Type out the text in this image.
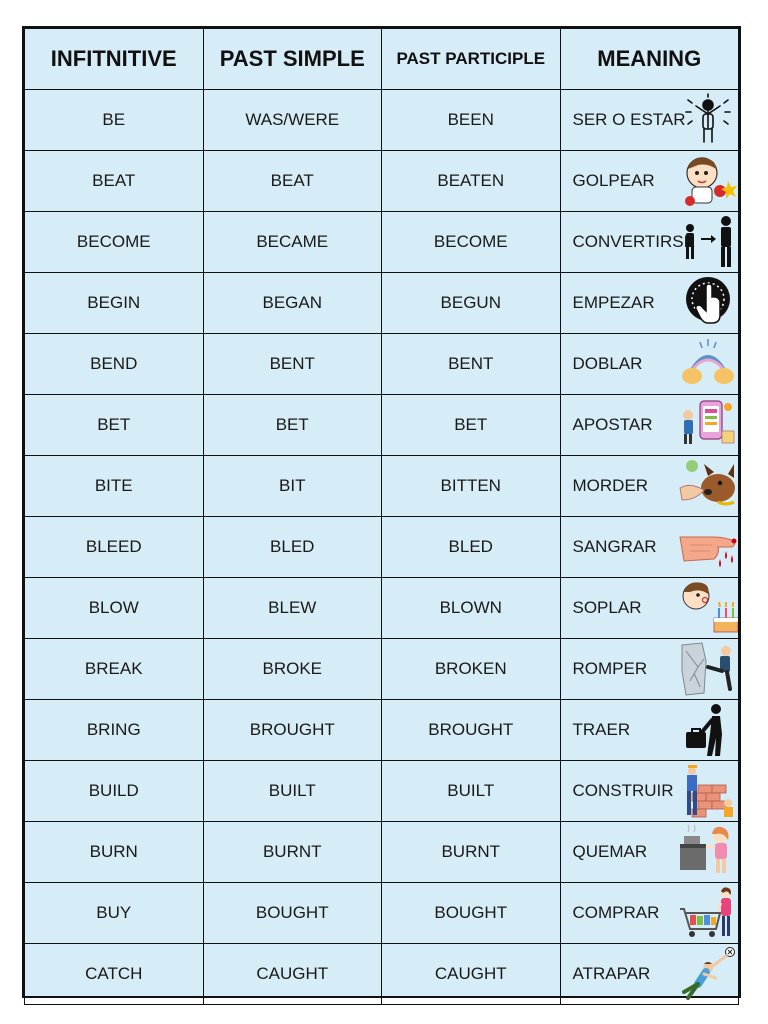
INFITNITIVE	PAST SIMPLE	PAST PARTICIPLE	MEANING
BE	WAS/WERE	BEEN	SER O ESTAR

BEAT	BEAT	BEATEN	GOLPEAR

BECOME	BECAME	BECOME	CONVERTIRSE

BEGIN	BEGAN	BEGUN	EMPEZAR

BEND	BENT	BENT	DOBLAR

BET	BET	BET	APOSTAR

BITE	BIT	BITTEN	MORDER

BLEED	BLED	BLED	SANGRAR

BLOW	BLEW	BLOWN	SOPLAR

BREAK	BROKE	BROKEN	ROMPER

BRING	BROUGHT	BROUGHT	TRAER

BUILD	BUILT	BUILT	CONSTRUIR

BURN	BURNT	BURNT	QUEMAR

BUY	BOUGHT	BOUGHT	COMPRAR

CATCH	CAUGHT	CAUGHT	ATRAPAR
